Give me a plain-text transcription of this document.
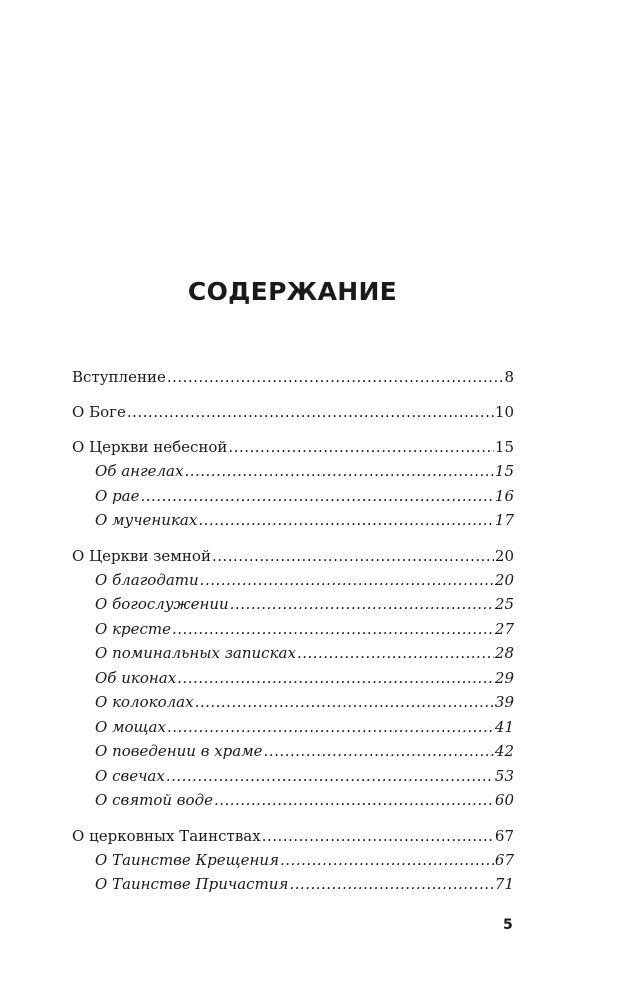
СОДЕРЖАНИЕ
Вступление .....	8
О Боге .....	10
О Церкви небесной .....	15
Об ангелах .....	15
О рае .....	16
О мучениках .....	17
О Церкви земной .....	20
О благодати .....	20
О богослужении .....	25
О кресте .....	27
О поминальных записках .....	28
Об иконах .....	29
О колоколах .....	39
О мощах .....	41
О поведении в храме .....	42
О свечах .....	53
О святой воде .....	60
О церковных Таинствах .....	67
О Таинстве Крещения .....	67
О Таинстве Причастия .....	71
5
